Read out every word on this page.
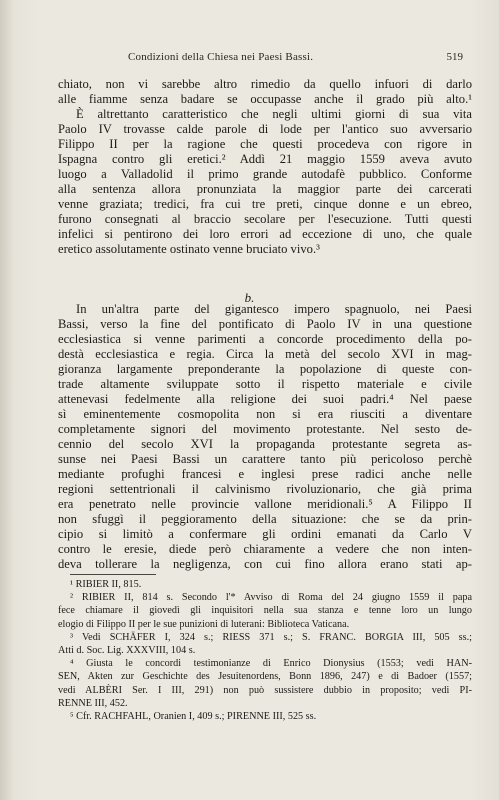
Condizioni della Chiesa nei Paesi Bassi.	519
chiato, non vi sarebbe altro rimedio da quello infuori di darlo
alle fiamme senza badare se occupasse anche il grado più alto.¹
È altrettanto caratteristico che negli ultimi giorni di sua vita
Paolo IV trovasse calde parole di lode per l'antico suo avversario
Filippo II per la ragione che questi procedeva con rigore in
Ispagna contro gli eretici.² Addì 21 maggio 1559 aveva avuto
luogo a Valladolid il primo grande autodafè pubblico. Conforme
alla sentenza allora pronunziata la maggior parte dei carcerati
venne graziata; tredici, fra cui tre preti, cinque donne e un ebreo,
furono consegnati al braccio secolare per l'esecuzione. Tutti questi
infelici si pentirono dei loro errori ad eccezione di uno, che quale
eretico assolutamente ostinato venne bruciato vivo.³
b.
In un'altra parte del gigantesco impero spagnuolo, nei Paesi
Bassi, verso la fine del pontificato di Paolo IV in una questione
ecclesiastica si venne parimenti a concorde procedimento della po-
destà ecclesiastica e regia. Circa la metà del secolo XVI in mag-
gioranza largamente preponderante la popolazione di queste con-
trade altamente sviluppate sotto il rispetto materiale e civile
attenevasi fedelmente alla religione dei suoi padri.⁴ Nel paese
sì eminentemente cosmopolita non si era riusciti a diventare
completamente signori del movimento protestante. Nel sesto de-
cennio del secolo XVI la propaganda protestante segreta as-
sunse nei Paesi Bassi un carattere tanto più pericoloso perchè
mediante profughi francesi e inglesi prese radici anche nelle
regioni settentrionali il calvinismo rivoluzionario, che già prima
era penetrato nelle provincie vallone meridionali.⁵ A Filippo II
non sfuggì il peggioramento della situazione: che se da prin-
cipio si limitò a confermare gli ordini emanati da Carlo V
contro le eresie, diede però chiaramente a vedere che non inten-
deva tollerare la negligenza, con cui fino allora erano stati ap-
¹ RIBIER II, 815.
² RIBIER II, 814 s. Secondo l'* Avviso di Roma del 24 giugno 1559 il papa
fece chiamare il giovedì gli inquisitori nella sua stanza e tenne loro un lungo
elogio di Filippo II per le sue punizioni di luterani: Biblioteca Vaticana.
³ Vedi SCHÄFER I, 324 s.; RIESS 371 s.; S. FRANC. BORGIA III, 505 ss.;
Atti d. Soc. Lig. XXXVIII, 104 s.
⁴ Giusta le concordi testimonianze di Enrico Dionysius (1553; vedi HAN-
SEN, Akten zur Geschichte des Jesuitenordens, Bonn 1896, 247) e di Badoer (1557;
vedi ALBÈRI Ser. I III, 291) non può sussistere dubbio in proposito; vedi PI-
RENNE III, 452.
⁵ Cfr. RACHFAHL, Oranien I, 409 s.; PIRENNE III, 525 ss.
